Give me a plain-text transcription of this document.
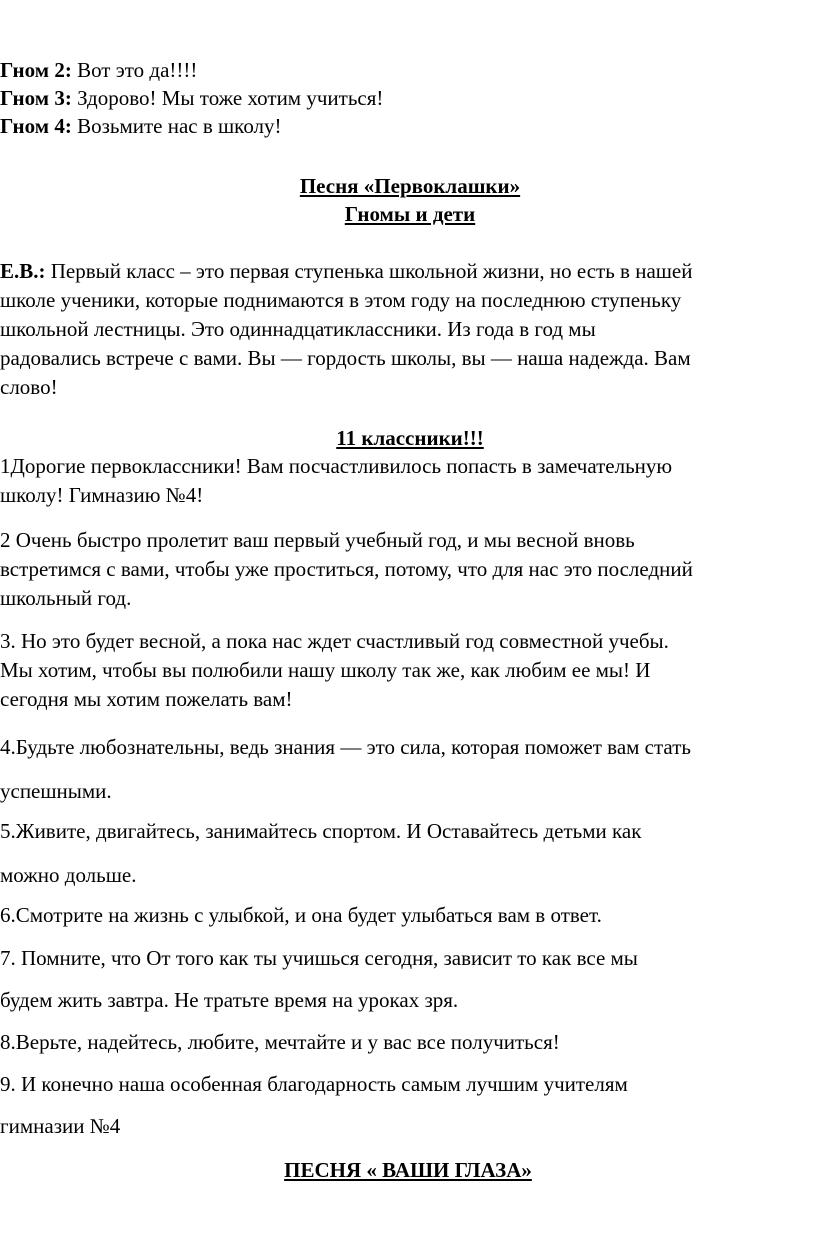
Гном 2: Вот это да!!!!
Гном 3: Здорово! Мы тоже хотим учиться!
Гном 4: Возьмите нас в школу!
Песня «Первоклашки»
Гномы и дети
Е.В.: Первый класс – это первая ступенька школьной жизни, но есть в нашей
школе ученики, которые поднимаются в этом году на последнюю ступеньку
школьной лестницы. Это одиннадцатиклассники. Из года в год мы
радовались встрече с вами. Вы — гордость школы, вы — наша надежда. Вам
слово!
11 классники!!!
1Дорогие первоклассники! Вам посчастливилось попасть в замечательную
школу! Гимназию №4!
2 Очень быстро пролетит ваш первый учебный год, и мы весной вновь
встретимся с вами, чтобы уже проститься, потому, что для нас это последний
школьный год.
3. Но это будет весной, а пока нас ждет счастливый год совместной учебы.
Мы хотим, чтобы вы полюбили нашу школу так же, как любим ее мы! И
сегодня мы хотим пожелать вам!
4.Будьте любознательны, ведь знания — это сила, которая поможет вам стать
успешными.
5.Живите, двигайтесь, занимайтесь спортом. И Оставайтесь детьми как
можно дольше.
6.Смотрите на жизнь с улыбкой, и она будет улыбаться вам в ответ.
7. Помните, что От того как ты учишься сегодня, зависит то как все мы
будем жить завтра. Не тратьте время на уроках зря.
8.Верьте, надейтесь, любите, мечтайте и у вас все получиться!
9. И конечно наша особенная благодарность самым лучшим учителям
гимназии №4
ПЕСНЯ « ВАШИ ГЛАЗА»
